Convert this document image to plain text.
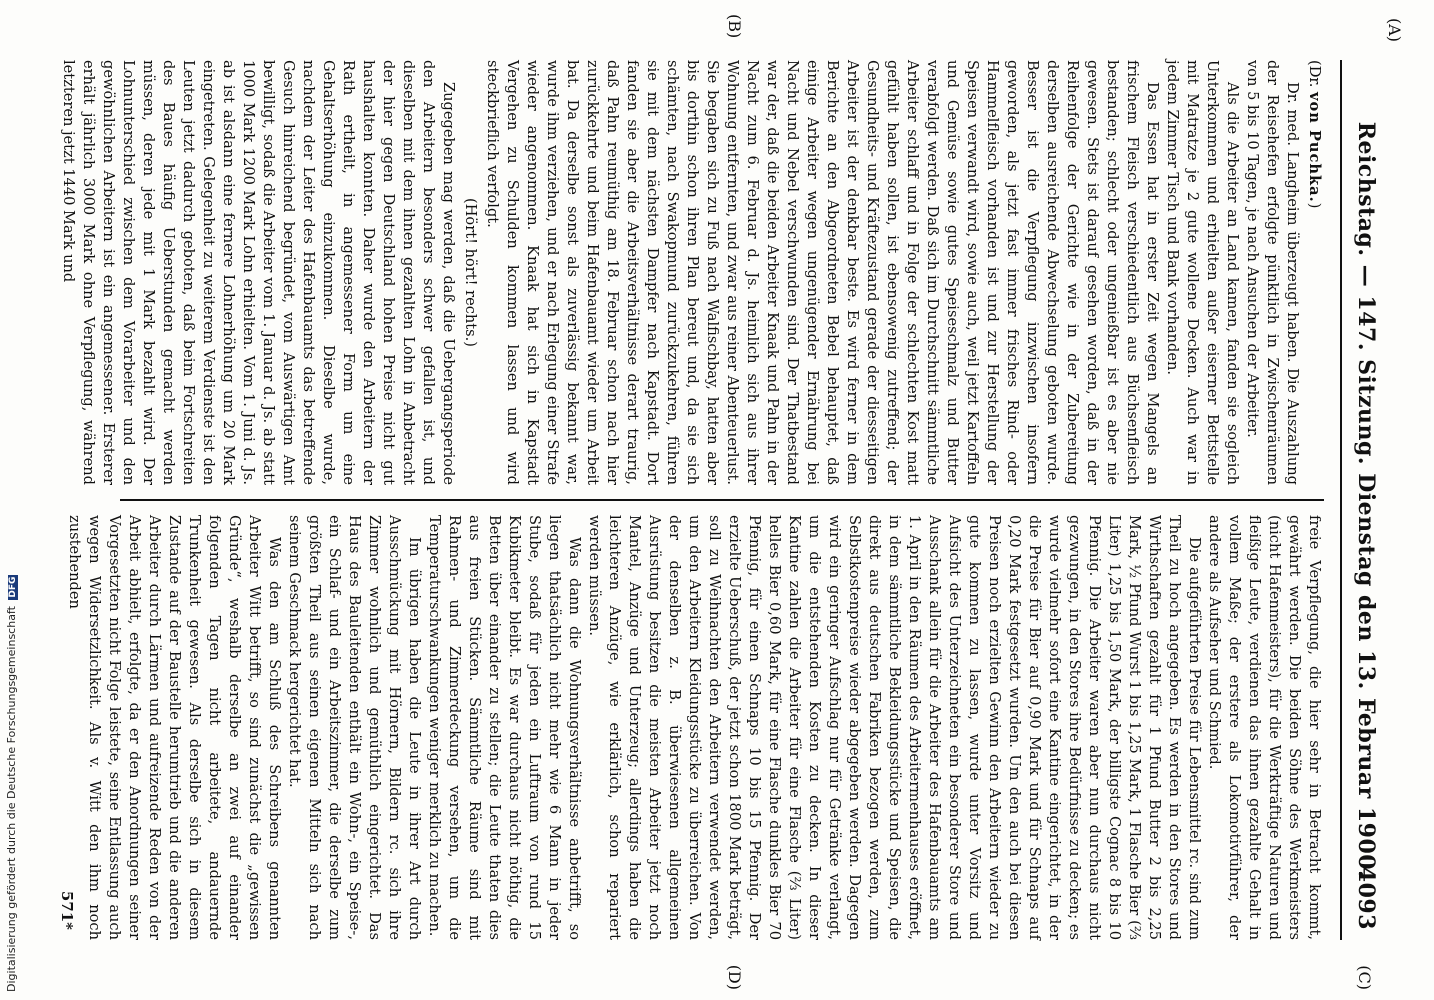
(A)
(B)
(C)
(D)
Reichstag. — 147. Sitzung. Dienstag den 13. Februar 1900.
4093
(Dr. von Puchka.)

Dr. med. Langheim überzeugt haben. Die Auszahlung der Reisehefen erfolgte pünktlich in Zwischenräumen von 5 bis 10 Tagen, je nach Ansuchen der Arbeiter.

Als die Arbeiter an Land kamen, fanden sie sogleich Unterkommen und erhielten außer eiserner Bettstelle mit Matratze je 2 gute wollene Decken. Auch war in jedem Zimmer Tisch und Bank vorhanden.

Das Essen hat in erster Zeit wegen Mangels an frischem Fleisch verschiedentlich aus Büchsenfleisch bestanden; schlecht oder ungenießbar ist es aber nie gewesen. Stets ist darauf gesehen worden, daß in der Reihenfolge der Gerichte wie in der Zubereitung derselben ausreichende Abwechselung geboten wurde. Besser ist die Verpflegung inzwischen insofern geworden, als jetzt fast immer frisches Rind- oder Hammelfleisch vorhanden ist und zur Herstellung der Speisen verwandt wird, sowie auch, weil jetzt Kartoffeln und Gemüse sowie gutes Speiseschmalz und Butter verabfolgt werden. Daß sich im Durchschnitt sämmtliche Arbeiter schlaff und in Folge der schlechten Kost matt gefühlt haben sollen, ist ebensowenig zutreffend; der Gesundheits- und Kräftezustand gerade der diesseitigen Arbeiter ist der denkbar beste. Es wird ferner in dem Berichte an den Abgeordneten Bebel behauptet, daß einige Arbeiter wegen ungenügender Ernährung bei Nacht und Nebel verschwunden sind. Der Thatbestand war der, daß die beiden Arbeiter Knaak und Pahn in der Nacht zum 6. Februar d. Js. heimlich sich aus ihrer Wohnung entfernten, und zwar aus reiner Abenteuerlust. Sie begaben sich zu Fuß nach Walfischbay, hatten aber bis dorthin schon ihren Plan bereut und, da sie sich schämten, nach Swakopmund zurückzukehren, führen sie mit dem nächsten Dampfer nach Kapstadt. Dort fanden sie aber die Arbeitsverhältnisse derart traurig, daß Pahn reumüthig am 18. Februar schon nach hier zurückkehrte und beim Hafenbauamt wieder um Arbeit bat. Da derselbe sonst als zuverlässig bekannt war, wurde ihm verziehen, und er nach Erlegung einer Strafe wieder angenommen. Knaak hat sich in Kapstadt Vergehen zu Schulden kommen lassen und wird steckbrieflich verfolgt.

(Hört! hört! rechts.)

Zugegeben mag werden, daß die Uebergangsperiode den Arbeitern besonders schwer gefallen ist, und dieselben mit dem ihnen gezahlten Lohn in Anbetracht der hier gegen Deutschland hohen Preise nicht gut haushalten konnten. Daher wurde den Arbeitern der Rath ertheilt, in angemessener Form um eine Gehaltserhöhung einzukommen. Dieselbe wurde, nachdem der Leiter des Hafenbauamts das betreffende Gesuch hinreichend begründet, vom Auswärtigen Amt bewilligt, sodaß die Arbeiter vom 1. Januar d. Js. ab statt 1000 Mark 1200 Mark Lohn erhielten. Vom 1. Juni d. Js. ab ist alsdann eine fernere Lohnerhöhung um 20 Mark eingetreten. Gelegenheit zu weiterem Verdienste ist den Leuten jetzt dadurch geboten, daß beim Fortschreiten des Baues häufig Ueberstunden gemacht werden müssen, deren jede mit 1 Mark bezahlt wird. Der Lohnunterschied zwischen dem Vorarbeiter und den gewöhnlichen Arbeitern ist ein angemessener. Ersterer erhält jährlich 3000 Mark ohne Verpflegung, während letzteren jetzt 1440 Mark und

freie Verpflegung, die hier sehr in Betracht kommt, gewährt werden. Die beiden Söhne des Werkmeisters (nicht Hafenmeisters), für die Werkträftige Naturen und fleißige Leute, verdienen das ihnen gezahlte Gehalt in vollem Maße; der erstere als Lokomotivführer, der andere als Aufseher und Schmied.

Die aufgeführten Preise für Lebensmittel rc. sind zum Theil zu hoch angegeben. Es werden in den Stores und Wirthschaften gezahlt für 1 Pfund Butter 2 bis 2,25 Mark, ½ Pfund Wurst 1 bis 1,25 Mark, 1 Flasche Bier (⅔ Liter) 1,25 bis 1,50 Mark, der billigste Cognac 8 bis 10 Pfennig. Die Arbeiter waren aber nun durchaus nicht gezwungen, in den Stores ihre Bedürfnisse zu decken; es wurde vielmehr sofort eine Kantine eingerichtet, in der die Preise für Bier auf 0,90 Mark und für Schnaps auf 0,20 Mark festgesetzt wurden. Um den auch bei diesen Preisen noch erzielten Gewinn den Arbeitern wieder zu gute kommen zu lassen, wurde unter Vorsitz und Aufsicht des Unterzeichneten ein besonderer Store und Ausschank allein für die Arbeiter des Hafenbauamts am 1. April in den Räumen des Arbeitermenhauses eröffnet, in dem sämmtliche Bekleidungsstücke und Speisen, die direkt aus deutschen Fabriken bezogen werden, zum Selbstkostenpreise wieder abgegeben werden. Dagegen wird ein geringer Aufschlag nur für Getränke verlangt, um die entstehenden Kosten zu decken. In dieser Kantine zahlen die Arbeiter für eine Flasche (⅔ Liter) helles Bier 0,60 Mark, für eine Flasche dunkles Bier 70 Pfennig, für einen Schnaps 10 bis 15 Pfennig. Der erzielte Ueberschuß, der jetzt schon 1800 Mark beträgt, soll zu Weihnachten den Arbeitern verwendet werden, um den Arbeitern Kleidungsstücke zu überreichen. Von der denselben z. B. überwiesenen allgemeinen Ausrüstung besitzen die meisten Arbeiter jetzt noch Mantel, Anzüge und Unterzeug; allerdings haben die leichteren Anzüge, wie erklärlich, schon repariert werden müssen.

Was dann die Wohnungsverhältnisse anbetrifft, so liegen thatsächlich nicht mehr wie 6 Mann in jeder Stube, sodaß für jeden ein Luftraum von rund 15 Kubikmeter bleibt. Es war durchaus nicht nöthig, die Betten über einander zu stellen; die Leute thaten dies aus freien Stücken. Sämmtliche Räume sind mit Rahmen- und Zimmerdeckung versehen, um die Temperaturschwankungen weniger merklich zu machen.

Im übrigen haben die Leute in ihrer Art durch Ausschmückung mit Hörnern, Bildern rc. sich ihre Zimmer wohnlich und gemüthlich eingerichtet. Das Haus des Bauleitenden enthält ein Wohn-, ein Speise-, ein Schlaf- und ein Arbeitszimmer, die derselbe zum größten Theil aus seinen eigenen Mitteln sich nach seinem Geschmack hergerichtet hat.

Was den am Schluß des Schreibens genannten Arbeiter Witt betrifft, so sind zunächst die „gewissen Gründe“, weshalb derselbe an zwei auf einander folgenden Tagen nicht arbeitete, andauernde Trunkenheit gewesen. Als derselbe sich in diesem Zustande auf der Baustelle herumtrieb und die anderen Arbeiter durch Lärmen und aufreizende Reden von der Arbeit abhielt, erfolgte, da er den Anordnungen seiner Vorgesetzten nicht Folge leistete, seine Entlassung auch wegen Widersetzlichkeit. Als v. Witt den ihm noch zustehenden

571*
Digitalisierung gefördert durch die Deutsche Forschungsgemeinschaft DFG
